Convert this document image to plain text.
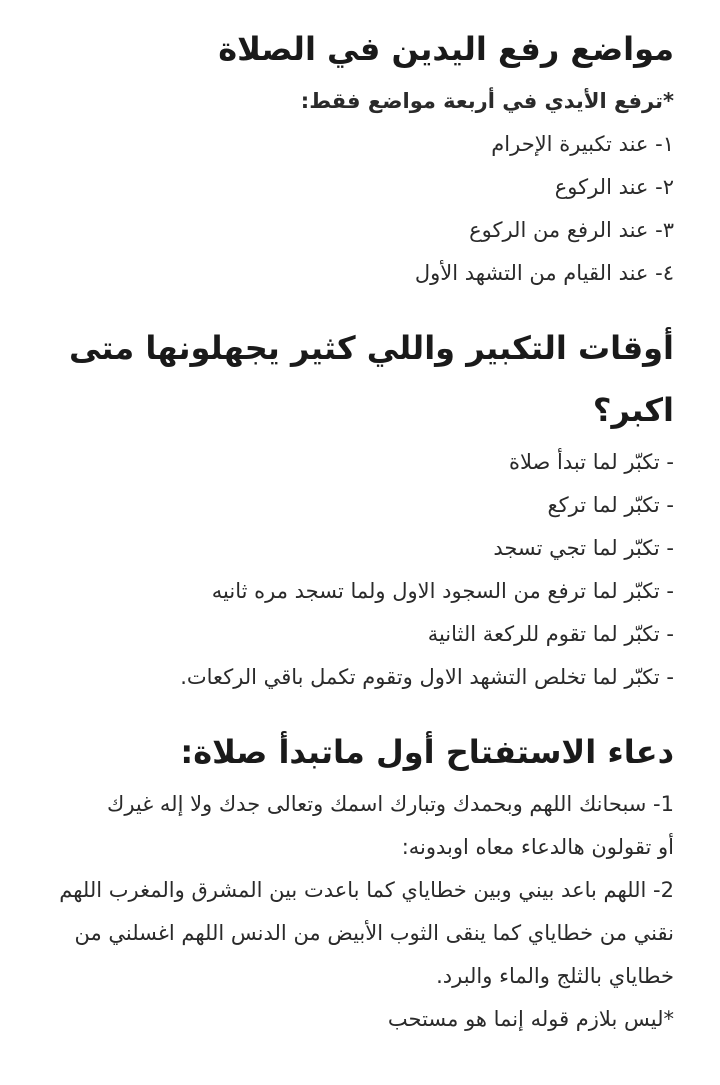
مواضع رفع اليدين في الصلاة

*ترفع الأيدي في أربعة مواضع فقط:

١- عند تكبيرة الإحرام

٢- عند الركوع

٣- عند الرفع من الركوع

٤- عند القيام من التشهد الأول

أوقات التكبير واللي كثير يجهلونها متى اكبر؟

- تكبّر لما تبدأ صلاة

- تكبّر لما تركع

- تكبّر لما تجي تسجد

- تكبّر لما ترفع من السجود الاول ولما تسجد مره ثانيه

- تكبّر لما تقوم للركعة الثانية

- تكبّر لما تخلص التشهد الاول وتقوم تكمل باقي الركعات.

دعاء الاستفتاح أول ماتبدأ صلاة:

1- سبحانك اللهم وبحمدك وتبارك اسمك وتعالى جدك ولا إله غيرك

أو تقولون هالدعاء معاه اوبدونه:

2- اللهم باعد بيني وبين خطاياي كما باعدت بين المشرق والمغرب اللهم نقني من خطاياي كما ينقى الثوب الأبيض من الدنس اللهم اغسلني من خطاياي بالثلج والماء والبرد.

*ليس بلازم قوله إنما هو مستحب
